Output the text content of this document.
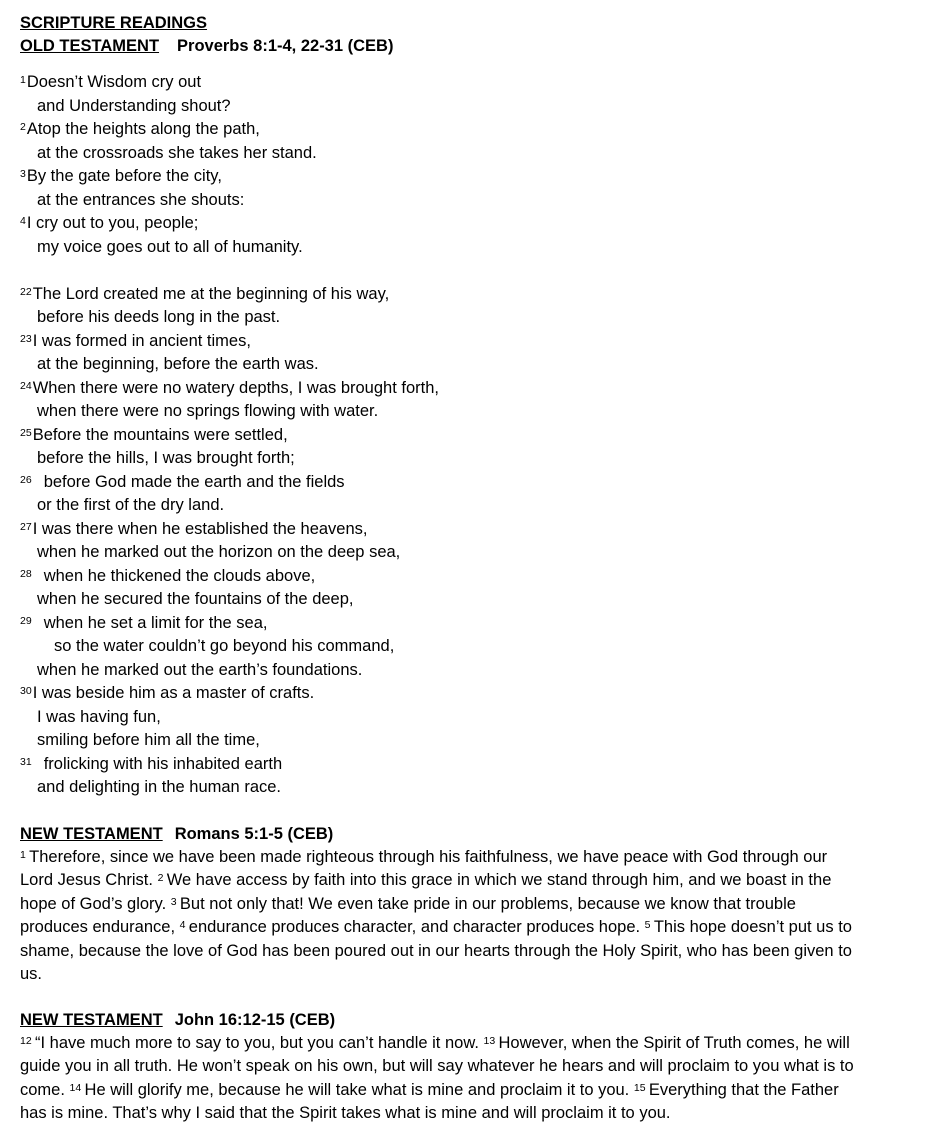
SCRIPTURE READINGS
OLD TESTAMENT Proverbs 8:1-4, 22-31 (CEB)
$^1$Doesn’t Wisdom cry out
and Understanding shout?
$^2$Atop the heights along the path,
at the crossroads she takes her stand.
$^3$By the gate before the city,
at the entrances she shouts:
$^4$I cry out to you, people;
my voice goes out to all of humanity.
$^{22}$The Lord created me at the beginning of his way,
before his deeds long in the past.
$^{23}$I was formed in ancient times,
at the beginning, before the earth was.
$^{24}$When there were no watery depths, I was brought forth,
when there were no springs flowing with water.
$^{25}$Before the mountains were settled,
before the hills, I was brought forth;
$^{26}$ before God made the earth and the fields
or the first of the dry land.
$^{27}$I was there when he established the heavens,
when he marked out the horizon on the deep sea,
$^{28}$ when he thickened the clouds above,
when he secured the fountains of the deep,
$^{29}$ when he set a limit for the sea,
so the water couldn’t go beyond his command,
when he marked out the earth’s foundations.
$^{30}$I was beside him as a master of crafts.
I was having fun,
smiling before him all the time,
$^{31}$ frolicking with his inhabited earth
and delighting in the human race.
NEW TESTAMENT Romans 5:1-5 (CEB)
$^1$  Therefore, since we have been made righteous through his faithfulness, we have peace with God through our
Lord Jesus Christ. $^2$  We have access by faith into this grace in which we stand through him, and we boast in the
hope of God’s glory. $^3$  But not only that! We even take pride in our problems, because we know that trouble
produces endurance, $^4$  endurance produces character, and character produces hope. $^5$  This hope doesn’t put us to
shame, because the love of God has been poured out in our hearts through the Holy Spirit, who has been given to
us.
NEW TESTAMENT John 16:12-15 (CEB)
$^{12}$  “I have much more to say to you, but you can’t handle it now. $^{13}$  However, when the Spirit of Truth comes, he will
guide you in all truth. He won’t speak on his own, but will say whatever he hears and will proclaim to you what is to
come. $^{14}$  He will glorify me, because he will take what is mine and proclaim it to you. $^{15}$  Everything that the Father
has is mine. That’s why I said that the Spirit takes what is mine and will proclaim it to you.
